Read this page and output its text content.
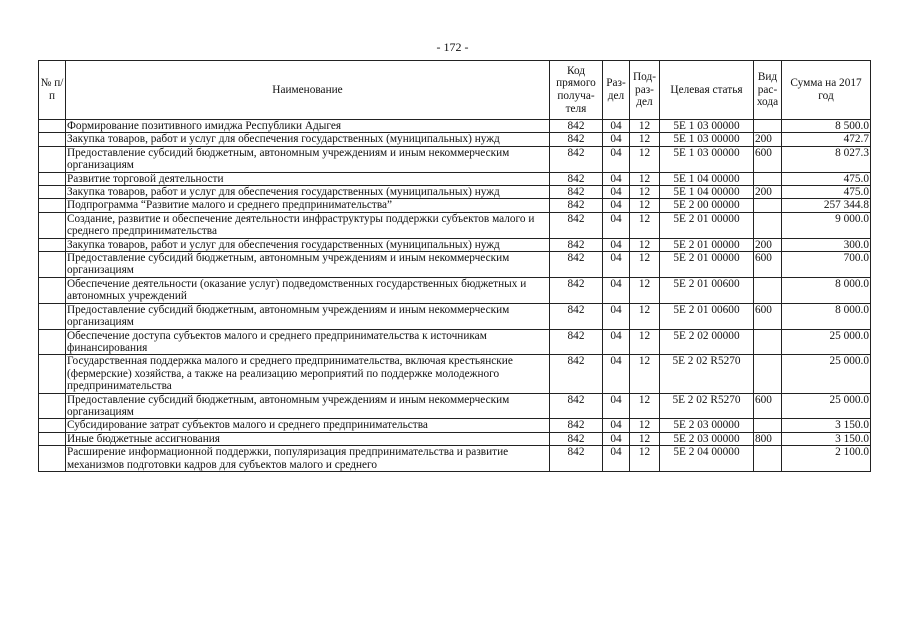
- 172 -
№ п/п	Наименование	Код прямого получа-теля	Раз-дел	Под-раз-дел	Целевая статья	Вид рас-хода	Сумма на 2017 год
	Формирование позитивного имиджа Республики Адыгея	842	04	12	5Е 1 03 00000		8 500.0
	Закупка товаров, работ и услуг для обеспечения государственных (муниципальных) нужд	842	04	12	5Е 1 03 00000	200	472.7
	Предоставление субсидий бюджетным, автономным учреждениям и иным некоммерческим организациям	842	04	12	5Е 1 03 00000	600	8 027.3
	Развитие торговой деятельности	842	04	12	5Е 1 04 00000		475.0
	Закупка товаров, работ и услуг для обеспечения государственных (муниципальных) нужд	842	04	12	5Е 1 04 00000	200	475.0
	Подпрограмма “Развитие малого и среднего предпринимательства”	842	04	12	5Е 2 00 00000		257 344.8
	Создание, развитие и обеспечение деятельности инфраструктуры поддержки субъектов малого и среднего предпринимательства	842	04	12	5Е 2 01 00000		9 000.0
	Закупка товаров, работ и услуг для обеспечения государственных (муниципальных) нужд	842	04	12	5Е 2 01 00000	200	300.0
	Предоставление субсидий бюджетным, автономным учреждениям и иным некоммерческим организациям	842	04	12	5Е 2 01 00000	600	700.0
	Обеспечение деятельности (оказание услуг) подведомственных государственных бюджетных и автономных учреждений	842	04	12	5Е 2 01 00600		8 000.0
	Предоставление субсидий бюджетным, автономным учреждениям и иным некоммерческим организациям	842	04	12	5Е 2 01 00600	600	8 000.0
	Обеспечение доступа субъектов малого и среднего предпринимательства к источникам финансирования	842	04	12	5Е 2 02 00000		25 000.0
	Государственная поддержка малого и среднего предпринимательства, включая крестьянские (фермерские) хозяйства, а также на реализацию мероприятий по поддержке молодежного предпринимательства	842	04	12	5Е 2 02 R5270		25 000.0
	Предоставление субсидий бюджетным, автономным учреждениям и иным некоммерческим организациям	842	04	12	5Е 2 02 R5270	600	25 000.0
	Субсидирование затрат субъектов малого и среднего предпринимательства	842	04	12	5Е 2 03 00000		3 150.0
	Иные бюджетные ассигнования	842	04	12	5Е 2 03 00000	800	3 150.0
	Расширение информационной поддержки, популяризация предпринимательства и развитие механизмов подготовки кадров для субъектов малого и среднего	842	04	12	5Е 2 04 00000		2 100.0
